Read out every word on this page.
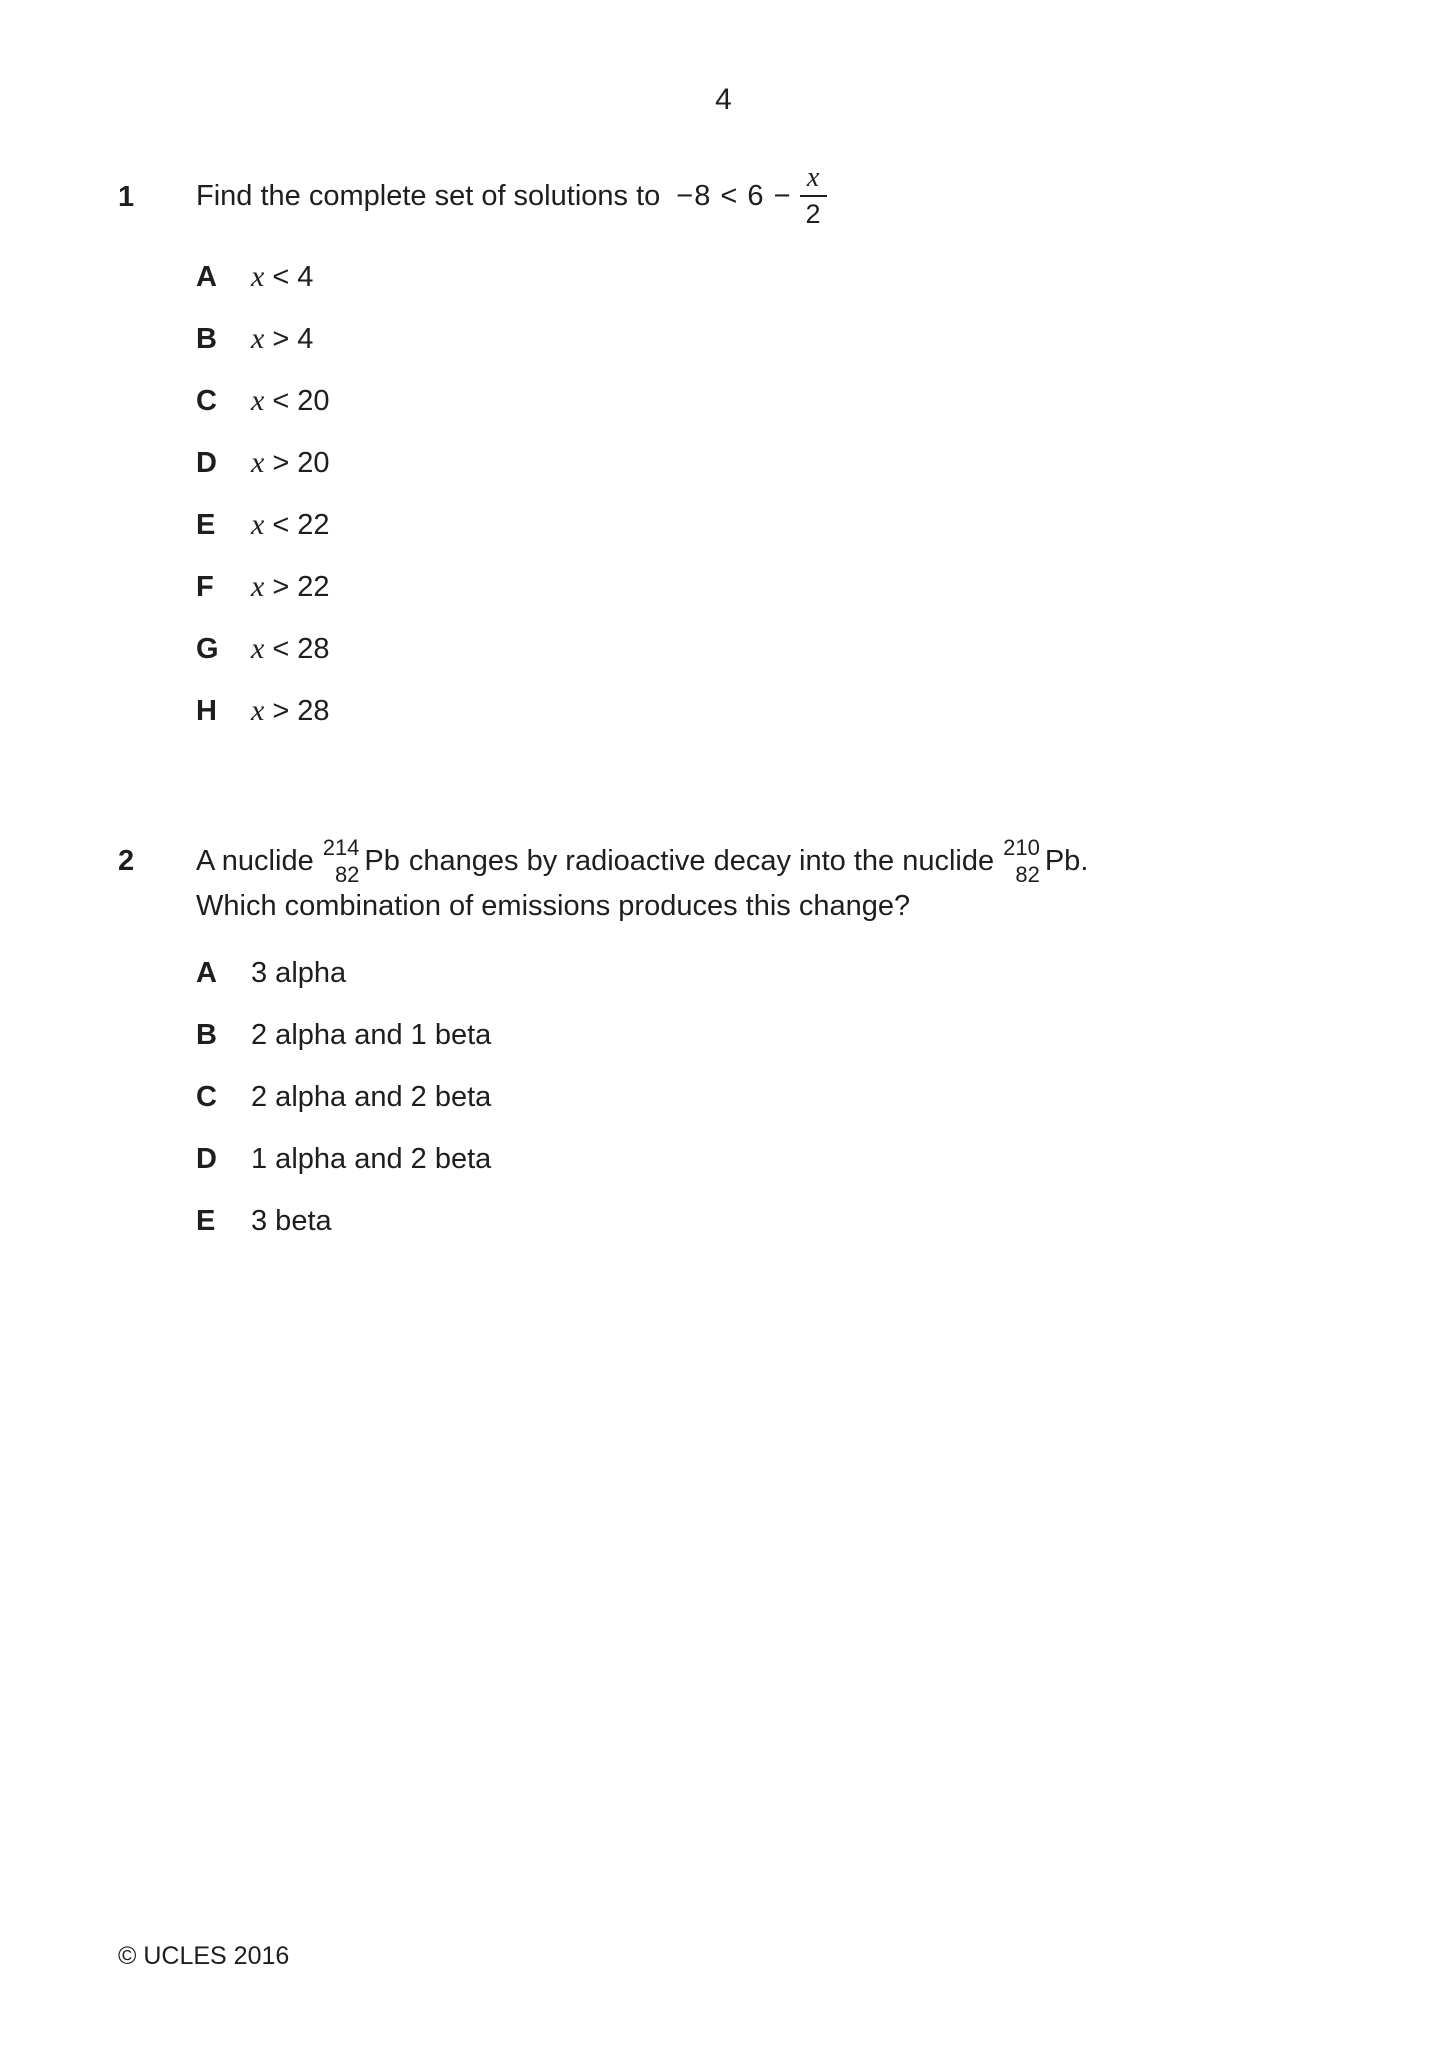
4
1 Find the complete set of solutions to $-8 < 6 - \frac{x}{2}$
A	x < 4
B	x > 4
C	x < 20
D	x > 20
E	x < 22
F	x > 22
G	x < 28
H	x > 28
2 A nuclide 214
82 Pb changes by radioactive decay into the nuclide 210
82 Pb.
Which combination of emissions produces this change?
A	3 alpha
B	2 alpha and 1 beta
C	2 alpha and 2 beta
D	1 alpha and 2 beta
E	3 beta
© UCLES 2016
